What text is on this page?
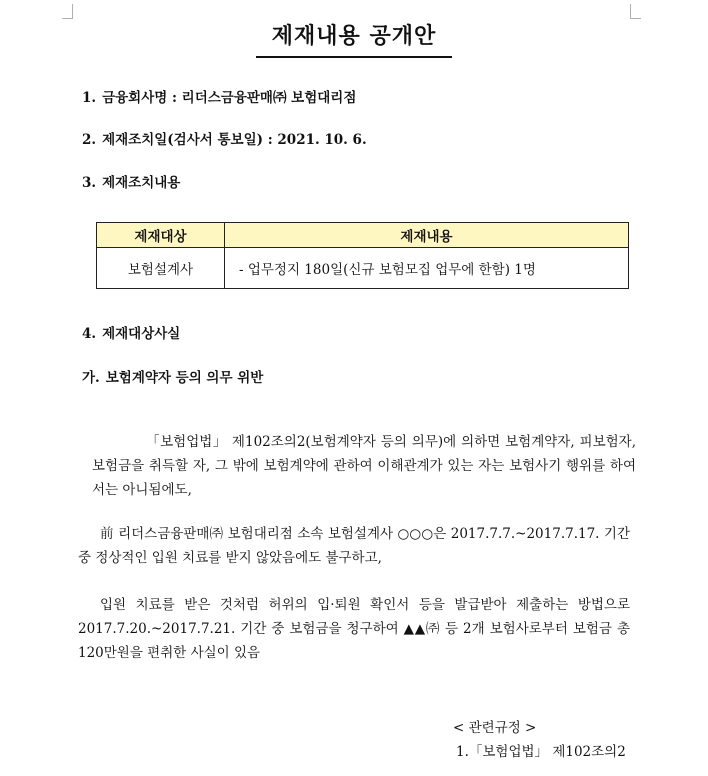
제재내용 공개안
1. 금융회사명 : 리더스금융판매㈜ 보험대리점
2. 제재조치일(검사서 통보일) : 2021. 10. 6.
3. 제재조치내용
제재대상	제재내용
보험설계사	- 업무정지 180일(신규 보험모집 업무에 한함) 1명
4. 제재대상사실
가. 보험계약자 등의 의무 위반
「보험업법」 제102조의2(보험계약자 등의 의무)에 의하면 보험계약자, 피보험자, 보험금을 취득할 자, 그 밖에 보험계약에 관하여 이해관계가 있는 자는 보험사기 행위를 하여서는 아니됨에도,
前 리더스금융판매㈜ 보험대리점 소속 보험설계사 ○○○은 2017.7.7.~2017.7.17. 기간 중 정상적인 입원 치료를 받지 않았음에도 불구하고,
입원 치료를 받은 것처럼 허위의 입·퇴원 확인서 등을 발급받아 제출하는 방법으로 2017.7.20.~2017.7.21. 기간 중 보험금을 청구하여 ▲▲㈜ 등 2개 보험사로부터 보험금 총 120만원을 편취한 사실이 있음
< 관련규정 >
1.「보험업법」 제102조의2
